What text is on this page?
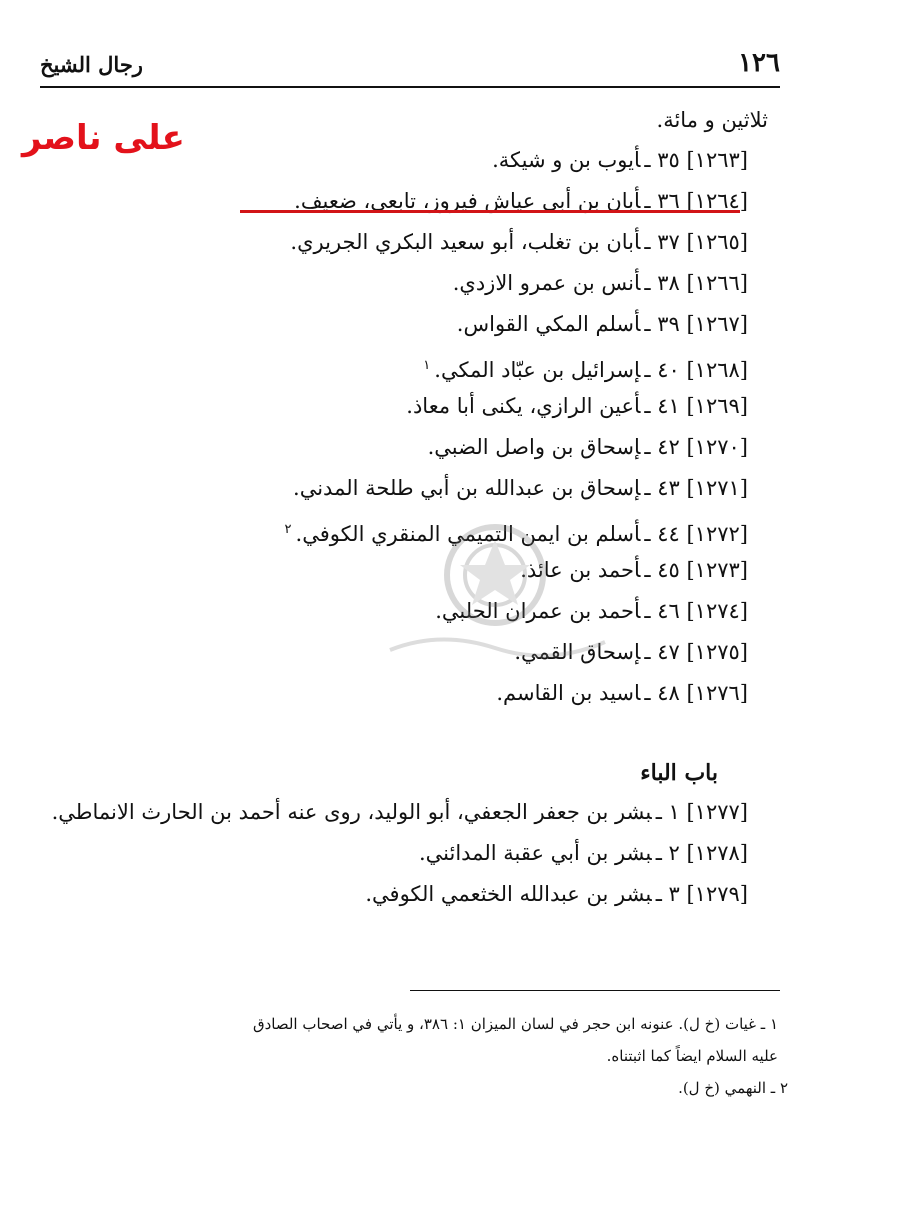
١٢٦
رجال الشيخ
على ناصر	ثلاثين و مائة.
[١٢٦٣] ٣٥ ـأيوب بن و شيكة.
[١٢٦٤] ٣٦ ـأبان بن أبي عياش فيروز، تابعي، ضعيف.
[١٢٦٥] ٣٧ ـأبان بن تغلب، أبو سعيد البكري الجريري.
[١٢٦٦] ٣٨ ـأنس بن عمرو الازدي.
[١٢٦٧] ٣٩ ـأسلم المكي القواس.
[١٢٦٨] ٤٠ ـإسرائيل بن عبّاد المكي.$^١$
[١٢٦٩] ٤١ ـأعين الرازي، يكنى أبا معاذ.
[١٢٧٠] ٤٢ ـإسحاق بن واصل الضبي.
[١٢٧١] ٤٣ ـإسحاق بن عبدالله بن أبي طلحة المدني.
[١٢٧٢] ٤٤ ـأسلم بن ايمن التميمي المنقري الكوفي.$^٢$
[١٢٧٣] ٤٥ ـأحمد بن عائذ.
[١٢٧٤] ٤٦ ـأحمد بن عمران الحلبي.
[١٢٧٥] ٤٧ ـإسحاق القمي.
[١٢٧٦] ٤٨ ـاسيد بن القاسم.
باب الباء
[١٢٧٧] ١ ـبشر بن جعفر الجعفي، أبو الوليد، روى عنه أحمد بن الحارث الانماطي.
[١٢٧٨] ٢ ـبشر بن أبي عقبة المدائني.
[١٢٧٩] ٣ ـبشر بن عبدالله الخثعمي الكوفي.
١ ـ غيات (خ ل). عنونه ابن حجر في لسان الميزان ١: ٣٨٦، و يأتي في اصحاب الصادق
عليه السلام ايضاً كما اثبتناه.
٢ ـ النهمي (خ ل).
